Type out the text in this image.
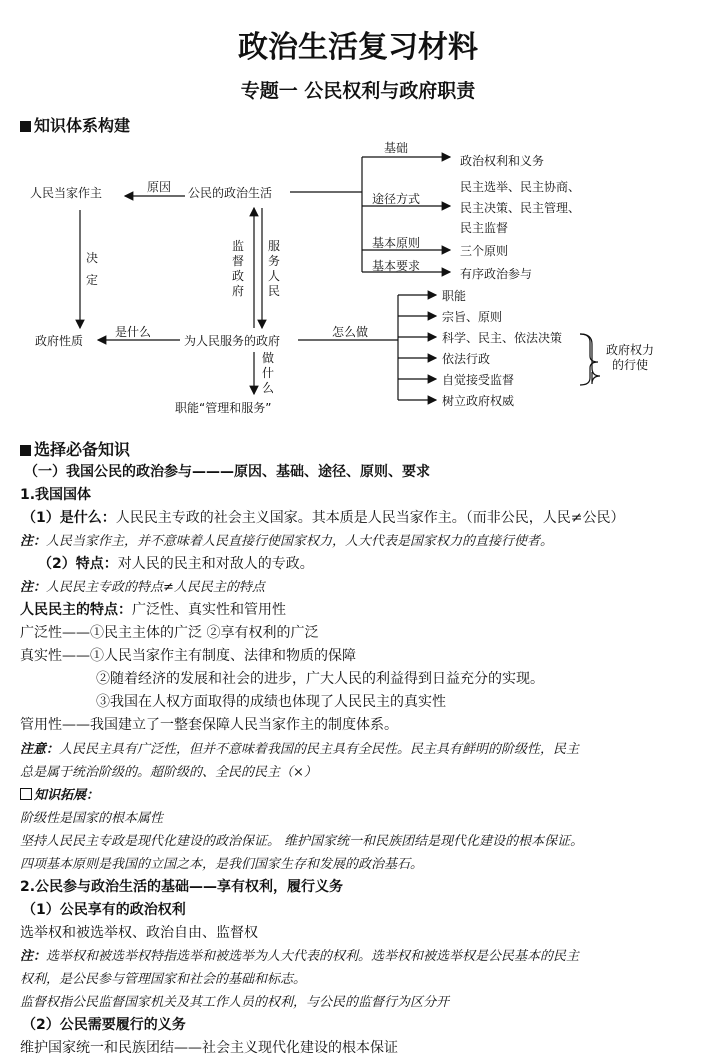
政治生活复习材料
专题一 公民权利与政府职责
知识体系构建
人民当家作主	原因 公民的政治生活
基础
政治权利和义务
途径方式
民主选举、民主协商、
民主决策、民主管理、
民主监督
基本原则
三个原则
基本要求
有序政治参与
决
定
监
督
政
府
服
务
人
民
政府性质
是什么
为人民服务的政府
做
什
么
职能“管理和服务”
怎么做
职能
宗旨、原则
科学、民主、依法决策
依法行政
自觉接受监督
树立政府权威
政府权力
的行使
选择必备知识
（一）我国公民的政治参与———原因、基础、途径、原则、要求
1.我国国体
（1）是什么：人民民主专政的社会主义国家。其本质是人民当家作主。（而非公民，人民≠公民）
注：人民当家作主，并不意味着人民直接行使国家权力，人大代表是国家权力的直接行使者。
（2）特点：对人民的民主和对敌人的专政。
注：人民民主专政的特点≠人民民主的特点
人民民主的特点：广泛性、真实性和管用性
广泛性——①民主主体的广泛 ②享有权利的广泛
真实性——①人民当家作主有制度、法律和物质的保障
②随着经济的发展和社会的进步，广大人民的利益得到日益充分的实现。
③我国在人权方面取得的成绩也体现了人民民主的真实性
管用性——我国建立了一整套保障人民当家作主的制度体系。
注意：人民民主具有广泛性，但并不意味着我国的民主具有全民性。民主具有鲜明的阶级性，民主
总是属于统治阶级的。超阶级的、全民的民主（×）
知识拓展：
阶级性是国家的根本属性
坚持人民民主专政是现代化建设的政治保证。 维护国家统一和民族团结是现代化建设的根本保证。
四项基本原则是我国的立国之本，是我们国家生存和发展的政治基石。
2.公民参与政治生活的基础——享有权利，履行义务
（1）公民享有的政治权利
选举权和被选举权、政治自由、监督权
注：选举权和被选举权特指选举和被选举为人大代表的权利。选举权和被选举权是公民基本的民主
权利，是公民参与管理国家和社会的基础和标志。
监督权指公民监督国家机关及其工作人员的权利，与公民的监督行为区分开
（2）公民需要履行的义务
维护国家统一和民族团结——社会主义现代化建设的根本保证
